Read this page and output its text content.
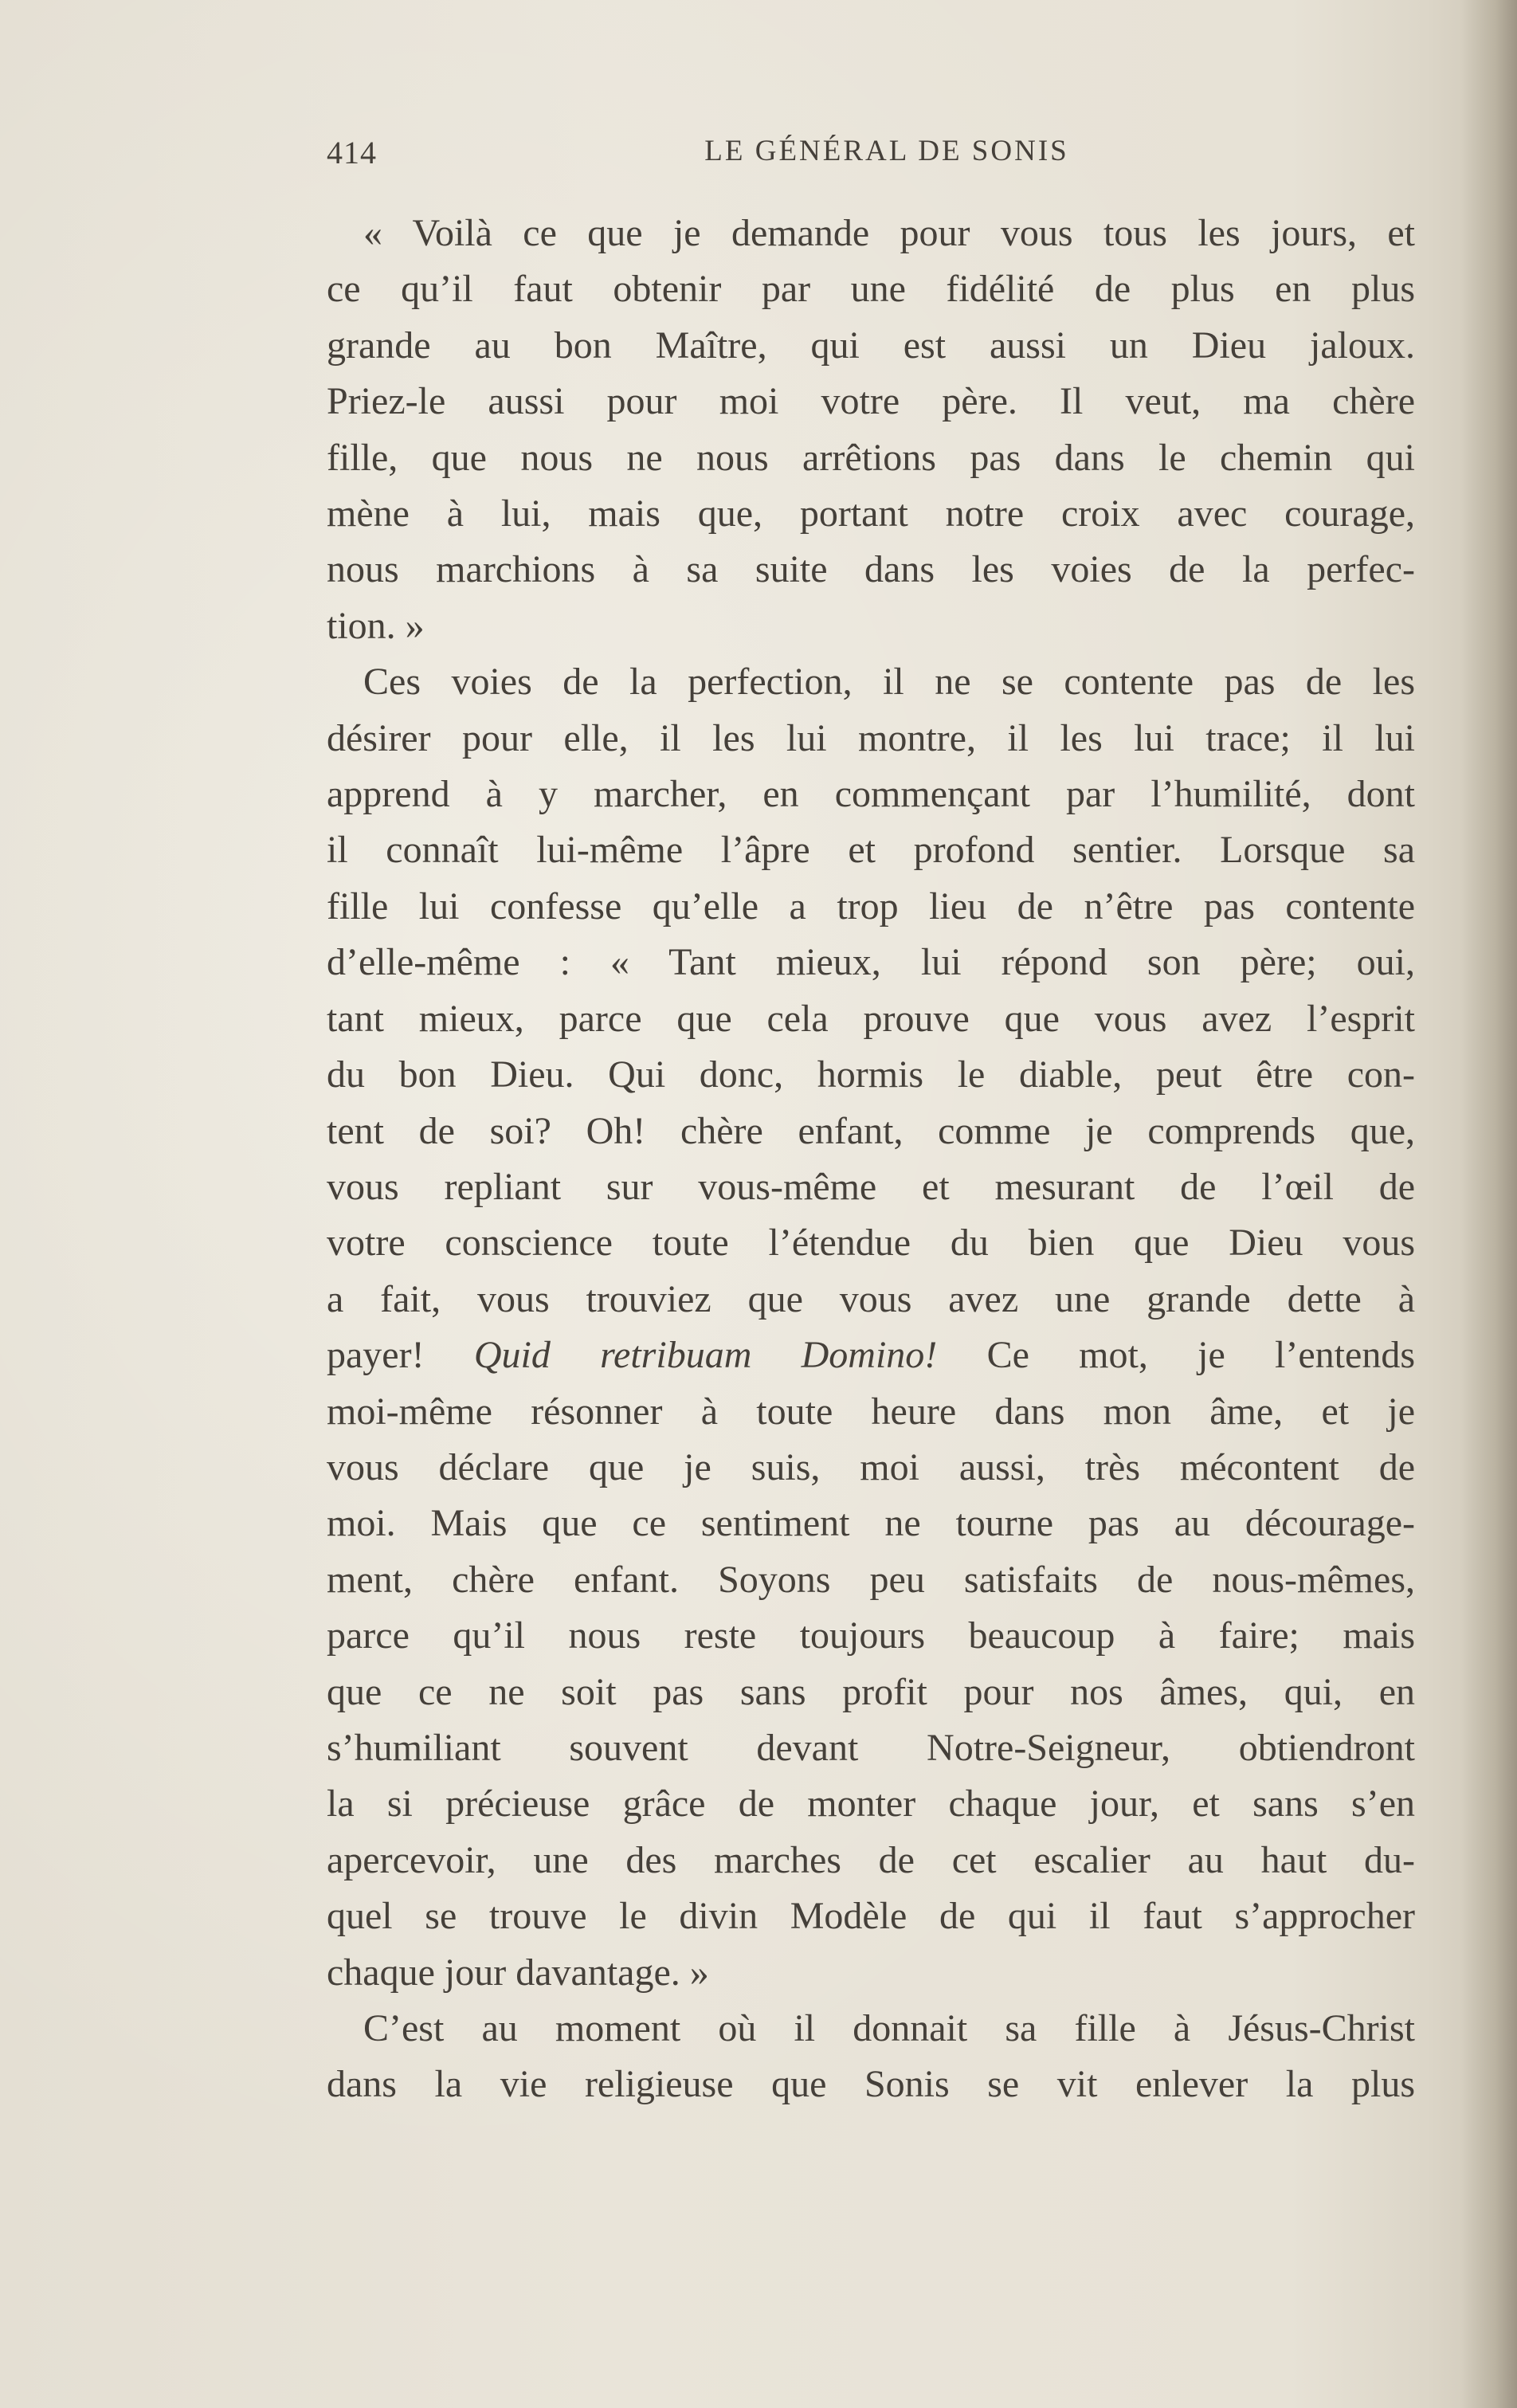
414	LE GÉNÉRAL DE SONIS

« Voilà ce que je demande pour vous tous les jours, et
ce qu’il faut obtenir par une fidélité de plus en plus
grande au bon Maître, qui est aussi un Dieu jaloux.
Priez-le aussi pour moi votre père. Il veut, ma chère
fille, que nous ne nous arrêtions pas dans le chemin qui
mène à lui, mais que, portant notre croix avec courage,
nous marchions à sa suite dans les voies de la perfec-
tion. »

Ces voies de la perfection, il ne se contente pas de les
désirer pour elle, il les lui montre, il les lui trace; il lui
apprend à y marcher, en commençant par l’humilité, dont
il connaît lui-même l’âpre et profond sentier. Lorsque sa
fille lui confesse qu’elle a trop lieu de n’être pas contente
d’elle-même : « Tant mieux, lui répond son père; oui,
tant mieux, parce que cela prouve que vous avez l’esprit
du bon Dieu. Qui donc, hormis le diable, peut être con-
tent de soi? Oh! chère enfant, comme je comprends que,
vous repliant sur vous-même et mesurant de l’œil de
votre conscience toute l’étendue du bien que Dieu vous
a fait, vous trouviez que vous avez une grande dette à
payer! Quid retribuam Domino! Ce mot, je l’entends
moi-même résonner à toute heure dans mon âme, et je
vous déclare que je suis, moi aussi, très mécontent de
moi. Mais que ce sentiment ne tourne pas au décourage-
ment, chère enfant. Soyons peu satisfaits de nous-mêmes,
parce qu’il nous reste toujours beaucoup à faire; mais
que ce ne soit pas sans profit pour nos âmes, qui, en
s’humiliant souvent devant Notre-Seigneur, obtiendront
la si précieuse grâce de monter chaque jour, et sans s’en
apercevoir, une des marches de cet escalier au haut du-
quel se trouve le divin Modèle de qui il faut s’approcher
chaque jour davantage. »

C’est au moment où il donnait sa fille à Jésus-Christ
dans la vie religieuse que Sonis se vit enlever la plus
